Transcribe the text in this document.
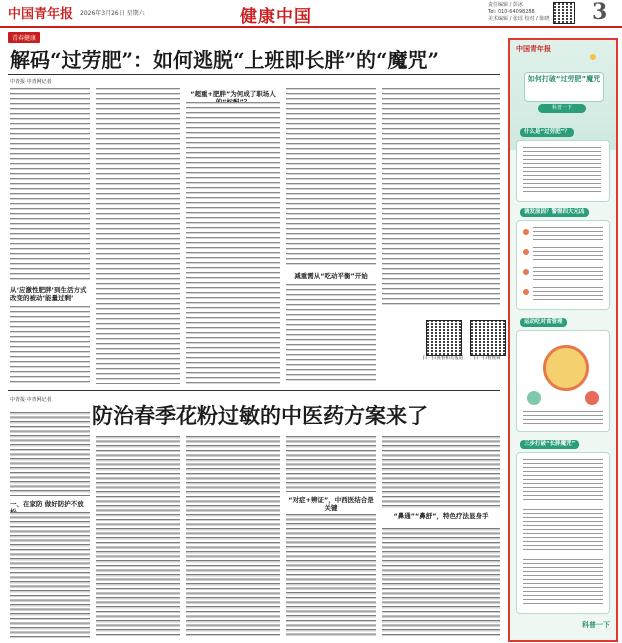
中国青年报 2026年3月26日 星期六	健康中国
责任编辑 / 彭冰
Tel: 010-64098288
美术编辑 / 张瑶 校对 / 陈晓 3
青春健康
解码“过劳肥”：如何逃脱“上班即长胖”的“魔咒”
中青报·中青网记者
从‘应激性肥胖’到生活方式改变的被动‘能量过剩’
“超重+肥胖”为何成了职场人
减重需从“吃动平衡”开始
扫一扫查看相关报道	扫一扫看视频
中青报·中青网记者
防治春季花粉过敏的中医药方案来了
一、在家防 做好防护不放	“对症+辨证”，中西医结合是关键
“鼻通”“鼻舒”，特色疗法显身手
中国青年报
如何打破“过劳肥”魔咒
科普一下
什么是“过劳肥”？
诱发原因？警惕四大元凶
运动吃对食管理
三步打破“长胖魔咒”
科普一下
